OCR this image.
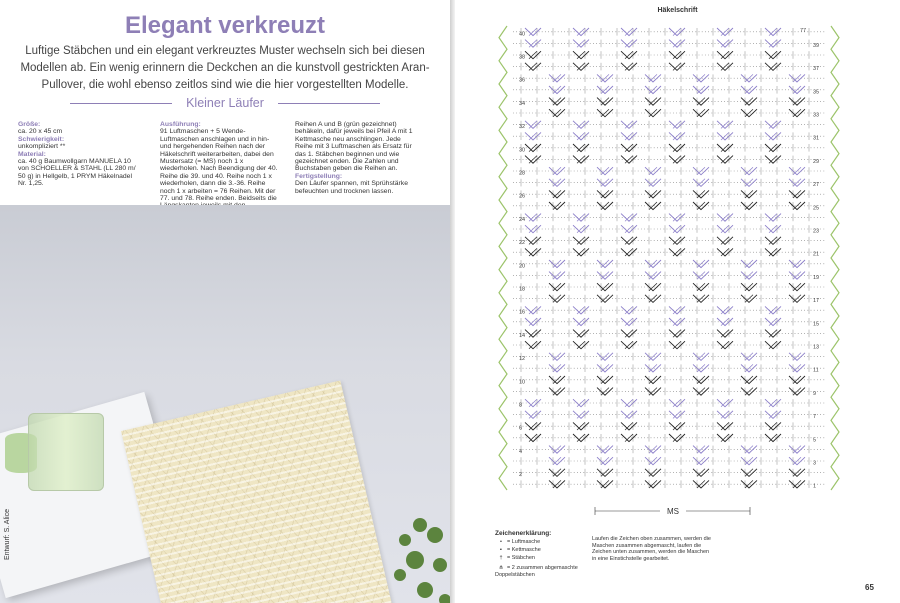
Elegant verkreuzt
Luftige Stäbchen und ein elegant verkreuztes Muster wechseln sich bei diesen Modellen ab. Ein wenig erinnern die Deckchen an die kunstvoll gestrickten Aran-Pullover, die wohl ebenso zeitlos sind wie die hier vorgestellten Modelle.
Kleiner Läufer
Größe:
ca. 20 x 45 cm
Schwierigkeit:
unkompliziert **
Material:
ca. 40 g Baumwollgarn MANUELA 10 von SCHOELLER & STAHL (LL 280 m/ 50 g) in Hellgelb, 1 PRYM Häkelnadel Nr. 1,25.
Ausführung:
91 Luftmaschen + 5 Wende-Luftmaschen anschlagen und in hin- und hergehenden Reihen nach der Häkelschrift weiterarbeiten, dabei den Mustersatz (= MS) noch 1 x wiederholen. Nach Beendigung der 40. Reihe die 39. und 40. Reihe noch 1 x wiederholen, dann die 3.-36. Reihe noch 1 x arbeiten = 76 Reihen. Mit der 77. und 78. Reihe enden. Beidseits die
Reihen A und B (grün gezeichnet) behäkeln, dafür jeweils bei Pfeil A mit 1 Kettmasche neu anschlingen. Jede Reihe mit 3 Luftmaschen als Ersatz für das 1. Stäbchen beginnen und wie gezeichnet enden. Die Zahlen und Buchstaben geben die Reihen an.
Fertigstellung:
Den Läufer spannen, mit Sprühstärke befeuchten und trocknen lassen.
Entwurf: S. Alice
Häkelschrift
40
38
36
34
32
30
28
26
24
22
20
18
16
14
12
10
8
6
4
2
39
37
35
33
31
29
27
25
23
21
19
17
15
13
11
9
7
5
3
1
77
MS
Zeichenerklärung:
• = Luftmasche
▪ = Kettmasche
† = Stäbchen
⋔ = 2 zusammen abgemaschte Doppelstäbchen
Laufen die Zeichen oben zusammen, werden die Maschen zusammen abgemascht, laufen die Zeichen unten zusammen, werden die Maschen in eine Einstichstelle gearbeitet.
65
